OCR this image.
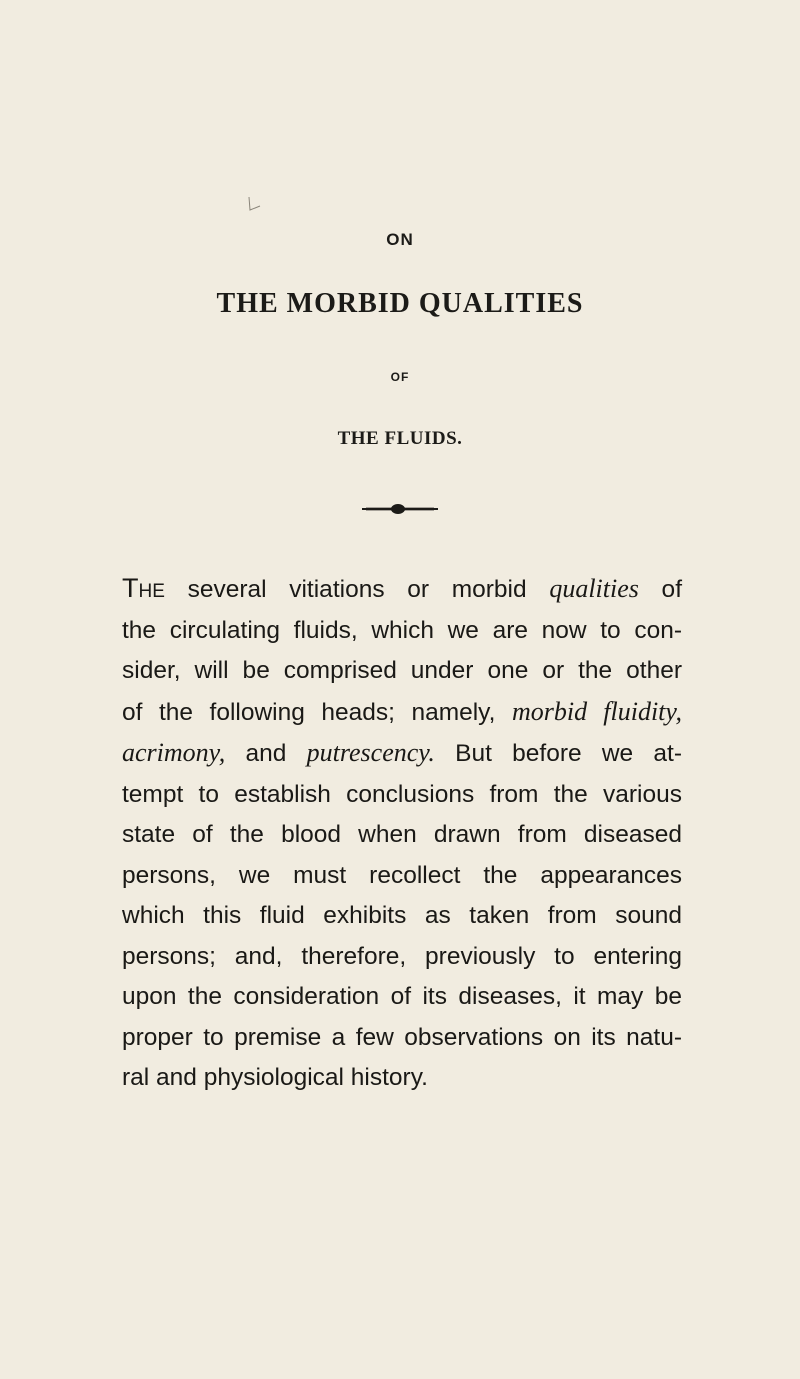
ON
THE MORBID QUALITIES
OF
THE FLUIDS.
The several vitiations or morbid qualities of
the circulating fluids, which we are now to con-
sider, will be comprised under one or the other
of the following heads; namely, morbid fluidity,
acrimony, and putrescency. But before we at-
tempt to establish conclusions from the various
state of the blood when drawn from diseased
persons, we must recollect the appearances
which this fluid exhibits as taken from sound
persons; and, therefore, previously to entering
upon the consideration of its diseases, it may be
proper to premise a few observations on its natu-
ral and physiological history.
